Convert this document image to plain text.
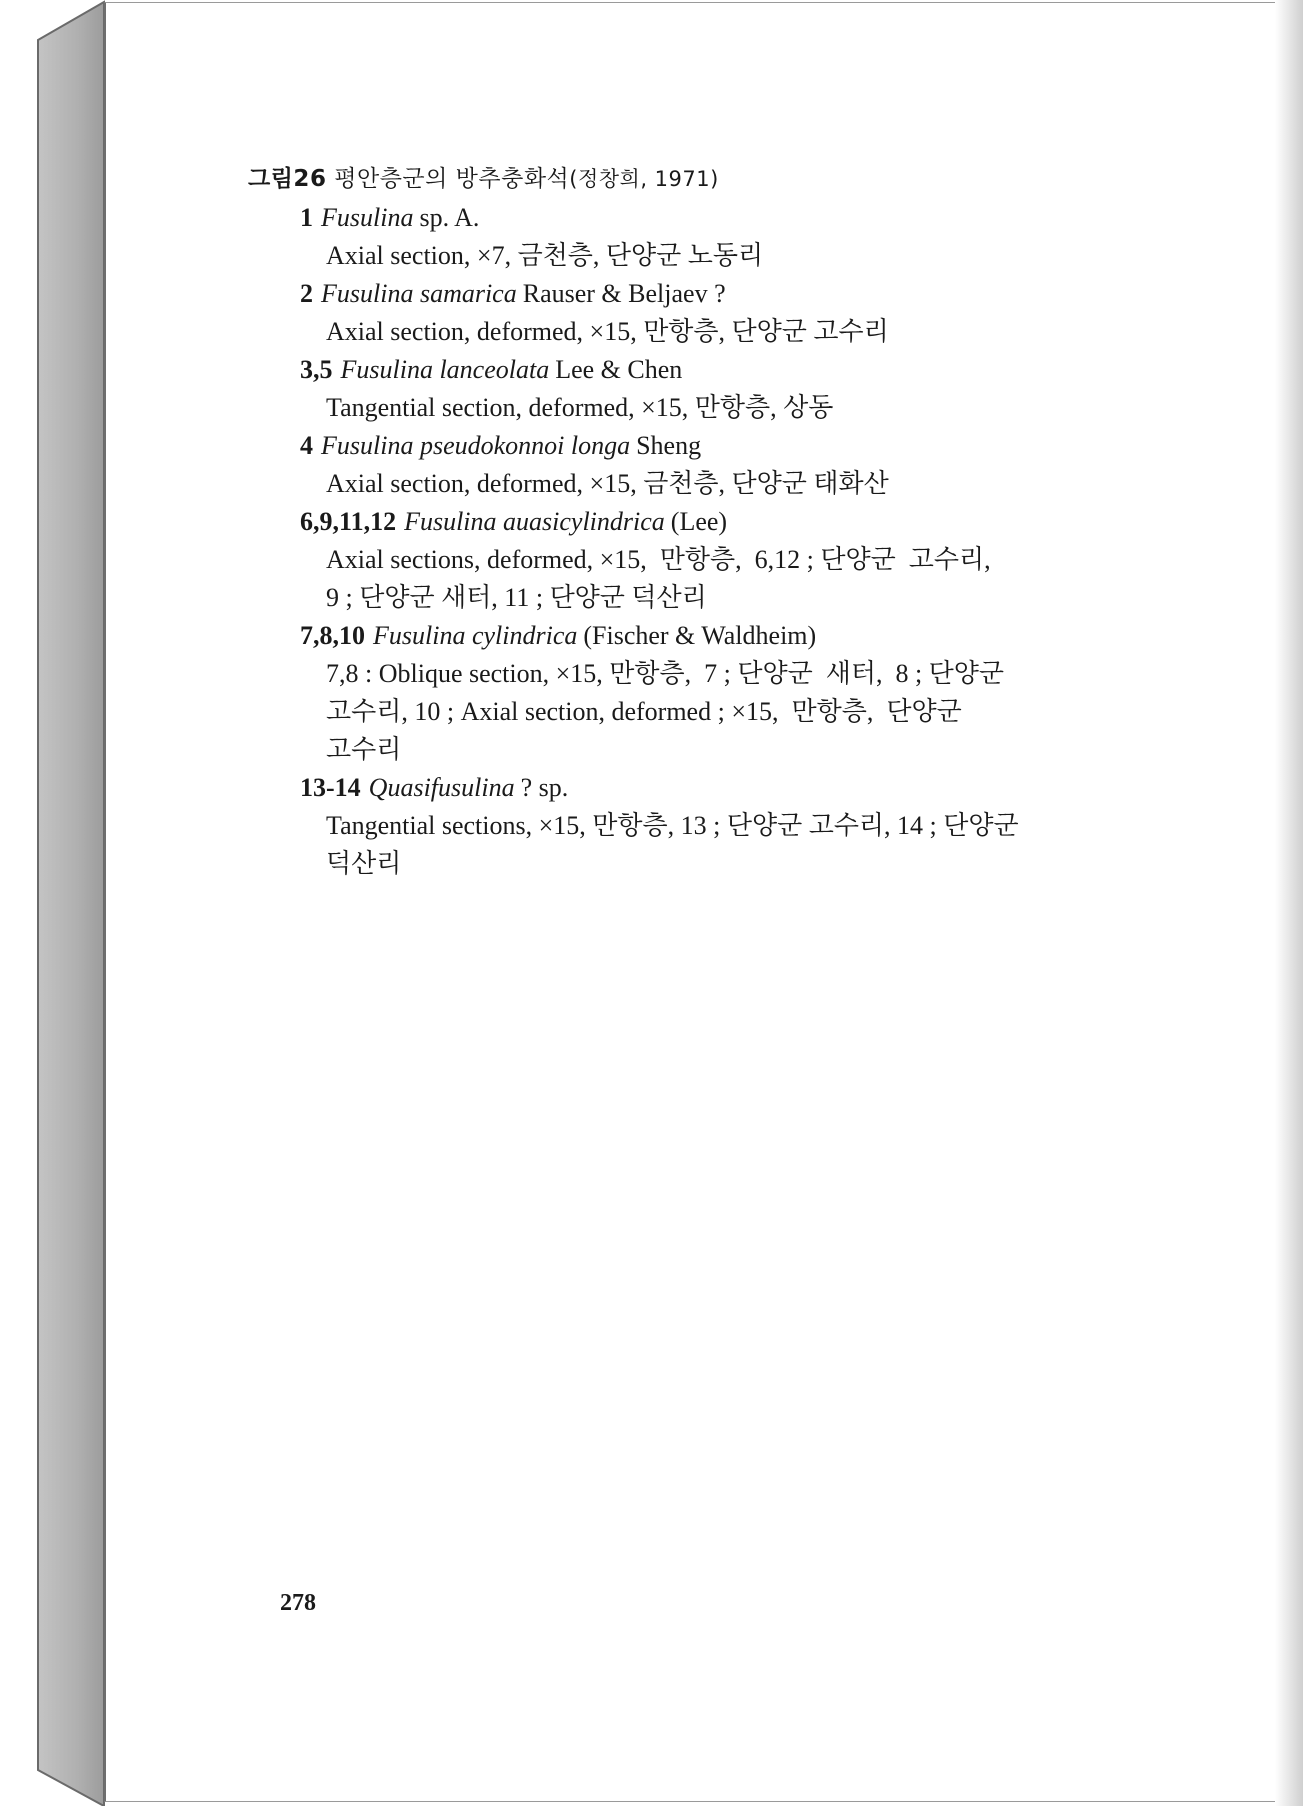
그림26 평안층군의 방추충화석(정창희, 1971)
1 Fusulina sp. A.
Axial section, ×7, 금천층, 단양군 노동리
2 Fusulina samarica Rauser & Beljaev ?
Axial section, deformed, ×15, 만항층, 단양군 고수리
3,5 Fusulina lanceolata Lee & Chen
Tangential section, deformed, ×15, 만항층, 상동
4 Fusulina pseudokonnoi longa Sheng
Axial section, deformed, ×15, 금천층, 단양군 태화산
6,9,11,12 Fusulina auasicylindrica (Lee)
Axial sections, deformed, ×15,  만항층,  6,12 ; 단양군  고수리,
9 ; 단양군 새터, 11 ; 단양군 덕산리
7,8,10 Fusulina cylindrica (Fischer & Waldheim)
7,8 : Oblique section, ×15, 만항층,  7 ; 단양군  새터,  8 ; 단양군
고수리, 10 ; Axial section, deformed ; ×15,  만항층,  단양군
고수리
13-14 Quasifusulina ? sp.
Tangential sections, ×15, 만항층, 13 ; 단양군 고수리, 14 ; 단양군
덕산리
278
